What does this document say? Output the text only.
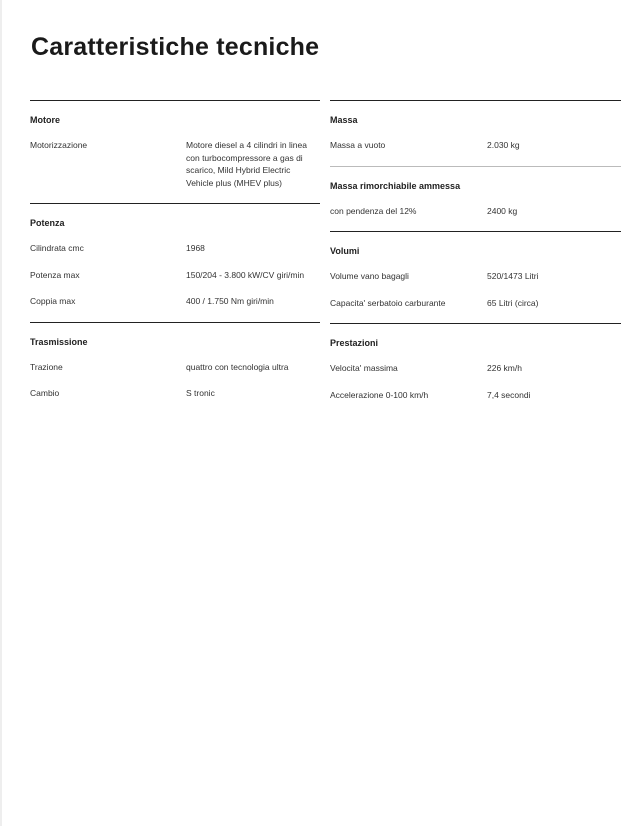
Caratteristiche tecniche
Motore
Motorizzazione	Motore diesel a 4 cilindri in linea con turbocompressore a gas di scarico, Mild Hybrid Electric Vehicle plus (MHEV plus)
Potenza
Cilindrata cmc	1968
Potenza max	150/204 - 3.800 kW/CV giri/min
Coppia max	400 / 1.750 Nm giri/min
Trasmissione
Trazione	quattro con tecnologia ultra
Cambio	S tronic
Massa
Massa a vuoto	2.030 kg
Massa rimorchiabile ammessa
con pendenza del 12%	2400 kg
Volumi
Volume vano bagagli	520/1473 Litri
Capacita' serbatoio carburante	65 Litri (circa)
Prestazioni
Velocita' massima	226 km/h
Accelerazione 0-100 km/h	7,4 secondi
